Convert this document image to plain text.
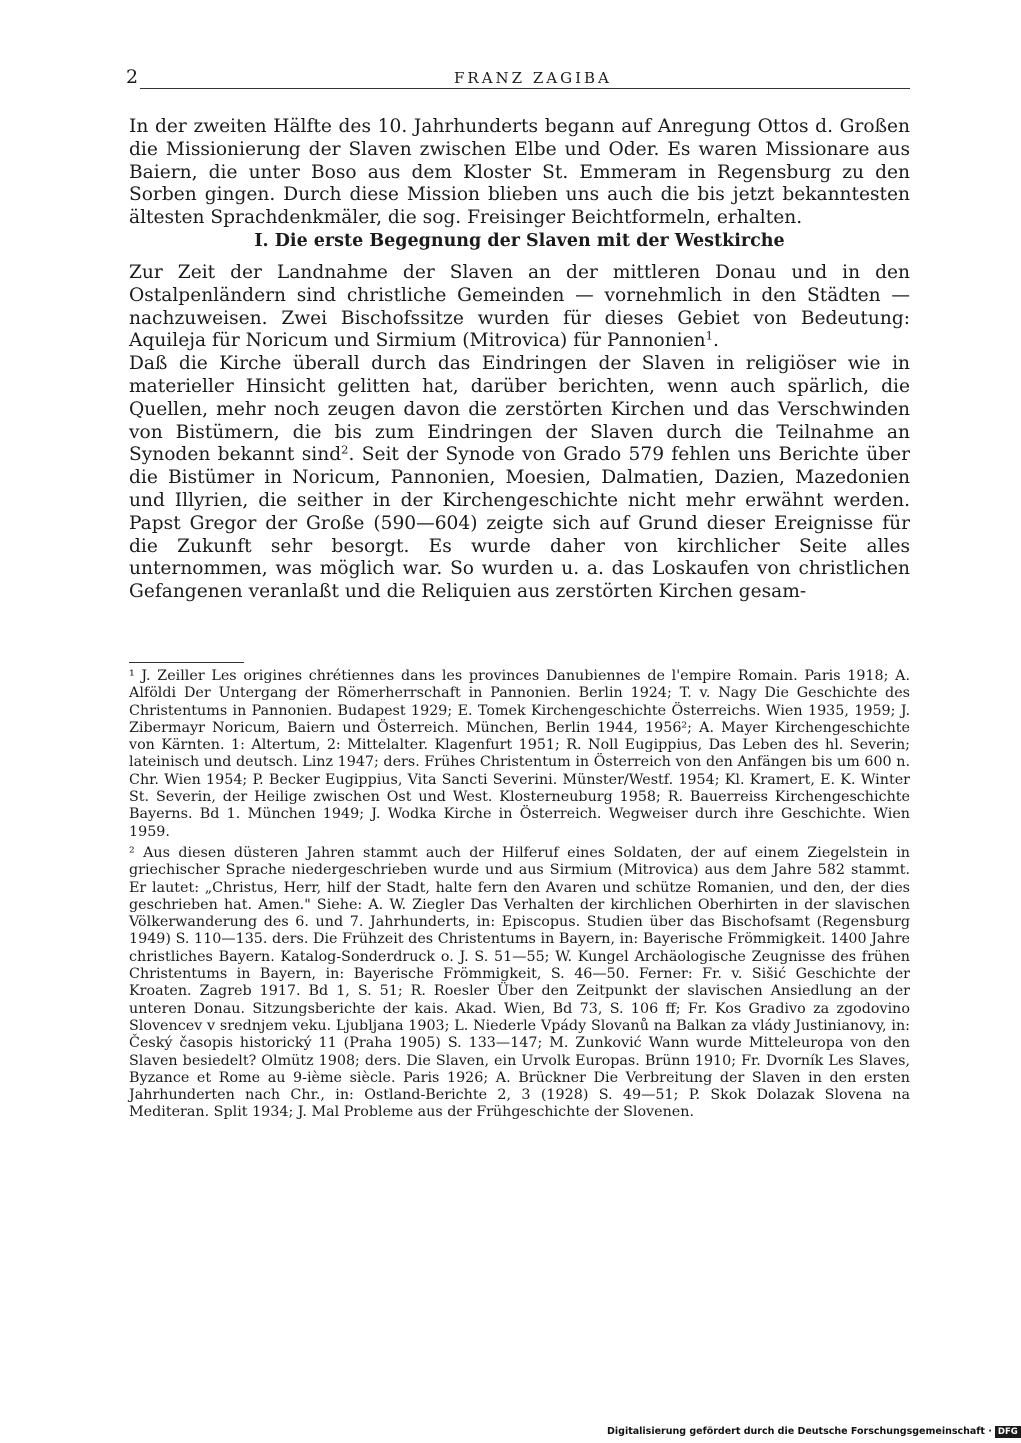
2	FRANZ ZAGIBA

In der zweiten Hälfte des 10. Jahrhunderts begann auf Anregung Ottos d. Großen die Missionierung der Slaven zwischen Elbe und Oder. Es waren Missionare aus Baiern, die unter Boso aus dem Kloster St. Emmeram in Regensburg zu den Sorben gingen. Durch diese Mission blieben uns auch die bis jetzt bekanntesten ältesten Sprachdenkmäler, die sog. Freisinger Beichtformeln, erhalten.

I. Die erste Begegnung der Slaven mit der Westkirche

Zur Zeit der Landnahme der Slaven an der mittleren Donau und in den Ostalpenländern sind christliche Gemeinden — vornehmlich in den Städten — nachzuweisen. Zwei Bischofssitze wurden für dieses Gebiet von Bedeutung: Aquileja für Noricum und Sirmium (Mitrovica) für Pannonien$^1$.

Daß die Kirche überall durch das Eindringen der Slaven in religiöser wie in materieller Hinsicht gelitten hat, darüber berichten, wenn auch spärlich, die Quellen, mehr noch zeugen davon die zerstörten Kirchen und das Verschwinden von Bistümern, die bis zum Eindringen der Slaven durch die Teilnahme an Synoden bekannt sind$^2$. Seit der Synode von Grado 579 fehlen uns Berichte über die Bistümer in Noricum, Pannonien, Moesien, Dalmatien, Dazien, Mazedonien und Illyrien, die seither in der Kirchengeschichte nicht mehr erwähnt werden. Papst Gregor der Große (590—604) zeigte sich auf Grund dieser Ereignisse für die Zukunft sehr besorgt. Es wurde daher von kirchlicher Seite alles unternommen, was möglich war. So wurden u. a. das Loskaufen von christlichen Gefangenen veranlaßt und die Reliquien aus zerstörten Kirchen gesam-

¹ J. Zeiller Les origines chrétiennes dans les provinces Danubiennes de l'empire Romain. Paris 1918; A. Alföldi Der Untergang der Römerherrschaft in Pannonien. Berlin 1924; T. v. Nagy Die Geschichte des Christentums in Pannonien. Budapest 1929; E. Tomek Kirchengeschichte Österreichs. Wien 1935, 1959; J. Zibermayr Noricum, Baiern und Österreich. München, Berlin 1944, 1956²; A. Mayer Kirchengeschichte von Kärnten. 1: Altertum, 2: Mittelalter. Klagenfurt 1951; R. Noll Eugippius, Das Leben des hl. Severin; lateinisch und deutsch. Linz 1947; ders. Frühes Christentum in Österreich von den Anfängen bis um 600 n. Chr. Wien 1954; P. Becker Eugippius, Vita Sancti Severini. Münster/Westf. 1954; Kl. Kramert, E. K. Winter St. Severin, der Heilige zwischen Ost und West. Klosterneuburg 1958; R. Bauerreiss Kirchengeschichte Bayerns. Bd 1. München 1949; J. Wodka Kirche in Österreich. Wegweiser durch ihre Geschichte. Wien 1959.

² Aus diesen düsteren Jahren stammt auch der Hilferuf eines Soldaten, der auf einem Ziegelstein in griechischer Sprache niedergeschrieben wurde und aus Sirmium (Mitrovica) aus dem Jahre 582 stammt. Er lautet: „Christus, Herr, hilf der Stadt, halte fern den Avaren und schütze Romanien, und den, der dies geschrieben hat. Amen." Siehe: A. W. Ziegler Das Verhalten der kirchlichen Oberhirten in der slavischen Völkerwanderung des 6. und 7. Jahrhunderts, in: Episcopus. Studien über das Bischofsamt (Regensburg 1949) S. 110—135. ders. Die Frühzeit des Christentums in Bayern, in: Bayerische Frömmigkeit. 1400 Jahre christliches Bayern. Katalog-Sonderdruck o. J. S. 51—55; W. Kungel Archäologische Zeugnisse des frühen Christentums in Bayern, in: Bayerische Frömmigkeit, S. 46—50. Ferner: Fr. v. Sišić Geschichte der Kroaten. Zagreb 1917. Bd 1, S. 51; R. Roesler Über den Zeitpunkt der slavischen Ansiedlung an der unteren Donau. Sitzungsberichte der kais. Akad. Wien, Bd 73, S. 106 ff; Fr. Kos Gradivo za zgodovino Slovencev v srednjem veku. Ljubljana 1903; L. Niederle Vpády Slovanů na Balkan za vlády Justinianovy, in: Český časopis historický 11 (Praha 1905) S. 133—147; M. Zunković Wann wurde Mitteleuropa von den Slaven besiedelt? Olmütz 1908; ders. Die Slaven, ein Urvolk Europas. Brünn 1910; Fr. Dvorník Les Slaves, Byzance et Rome au 9-ième siècle. Paris 1926; A. Brückner Die Verbreitung der Slaven in den ersten Jahrhunderten nach Chr., in: Ostland-Berichte 2, 3 (1928) S. 49—51; P. Skok Dolazak Slovena na Mediteran. Split 1934; J. Mal Probleme aus der Frühgeschichte der Slovenen.

Digitalisierung gefördert durch die Deutsche Forschungsgemeinschaft · DFG
